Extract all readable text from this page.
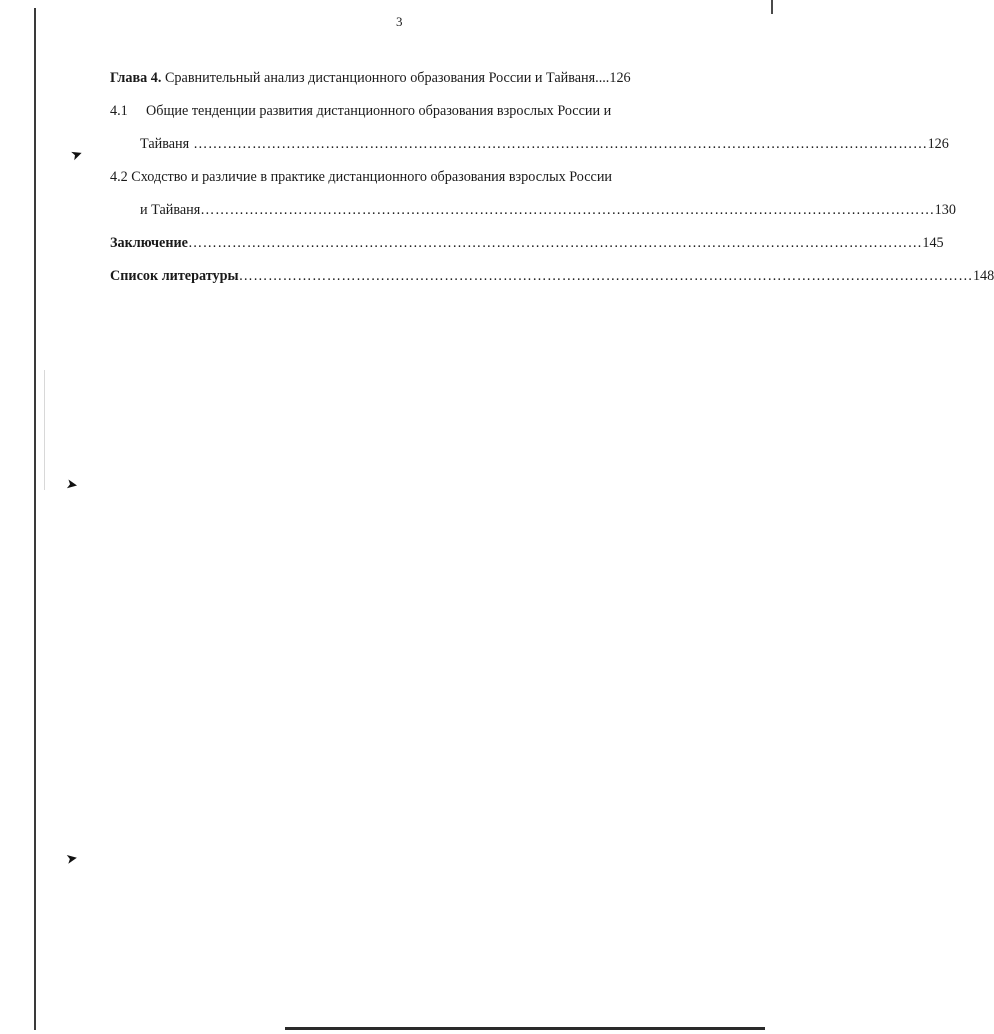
➤
➤
➤
3
Глава 4. Сравнительный анализ дистанционного образования России и Тайваня.... 126
4.1	Общие тенденции развития дистанционного образования взрослых России и
Тайваня …………………………………………………………………………………………………………………………………… 126
4.2 Сходство и различие в практике дистанционного образования взрослых России
и Тайваня …………………………………………………………………………………………………………………………………… 130
Заключение …………………………………………………………………………………………………………………………………… 145
Список литературы …………………………………………………………………………………………………………………………………… 148
